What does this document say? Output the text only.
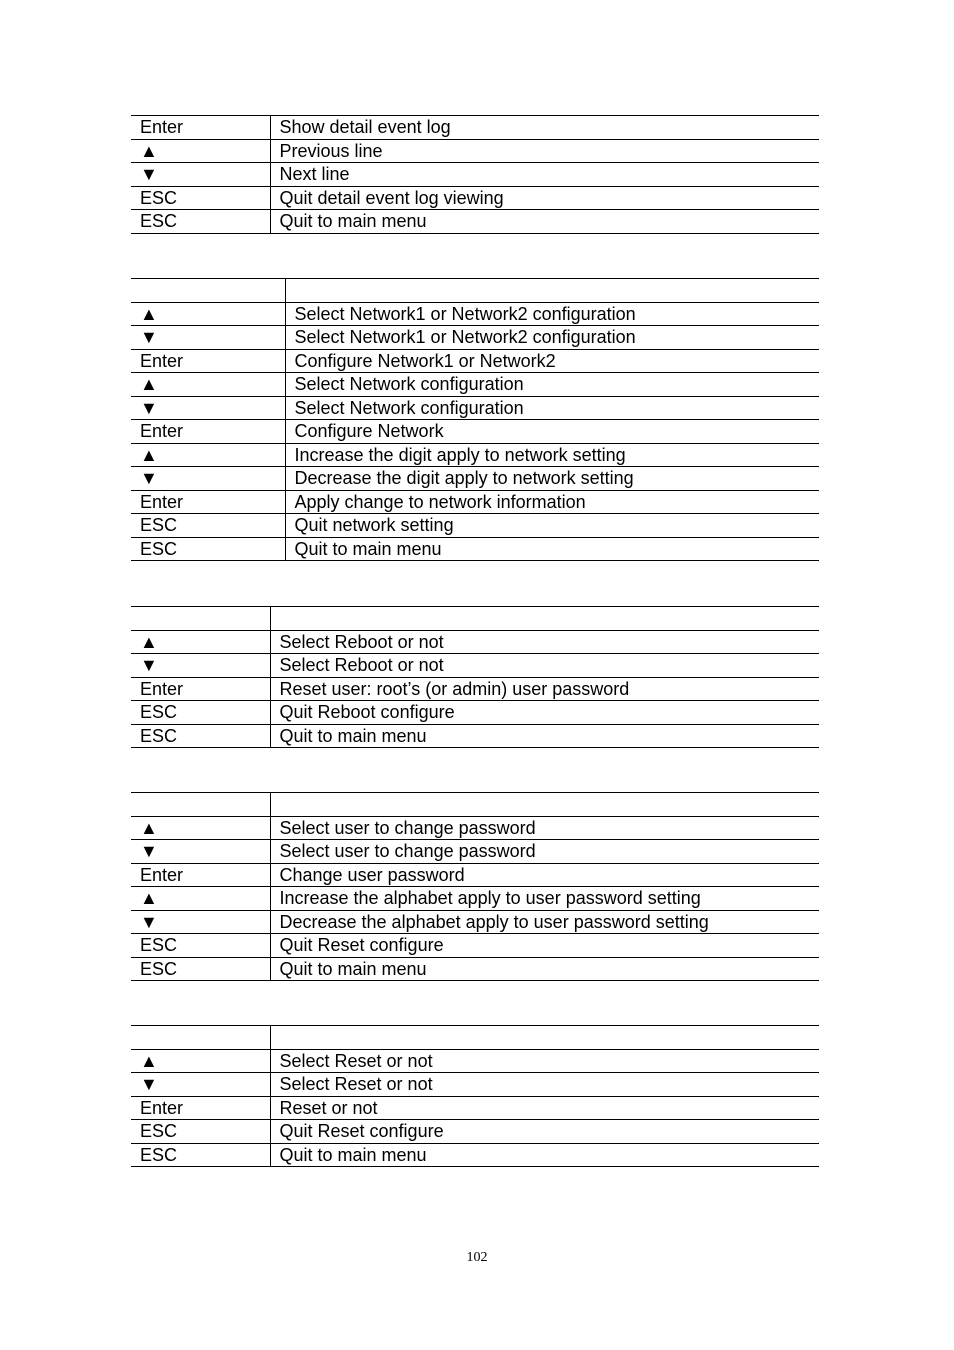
Enter	Show detail event log
▲	Previous line
▼	Next line
ESC	Quit detail event log viewing
ESC	Quit to main menu

▲	Select Network1 or Network2 configuration
▼	Select Network1 or Network2 configuration
Enter	Configure Network1 or Network2
▲	Select Network configuration
▼	Select Network configuration
Enter	Configure Network
▲	Increase the digit apply to network setting
▼	Decrease the digit apply to network setting
Enter	Apply change to network information
ESC	Quit network setting
ESC	Quit to main menu

▲	Select Reboot or not
▼	Select Reboot or not
Enter	Reset user: root’s (or admin) user password
ESC	Quit Reboot configure
ESC	Quit to main menu

▲	Select user to change password
▼	Select user to change password
Enter	Change user password
▲	Increase the alphabet apply to user password setting
▼	Decrease the alphabet apply to user password setting
ESC	Quit Reset configure
ESC	Quit to main menu

▲	Select Reset or not
▼	Select Reset or not
Enter	Reset or not
ESC	Quit Reset configure
ESC	Quit to main menu
102
